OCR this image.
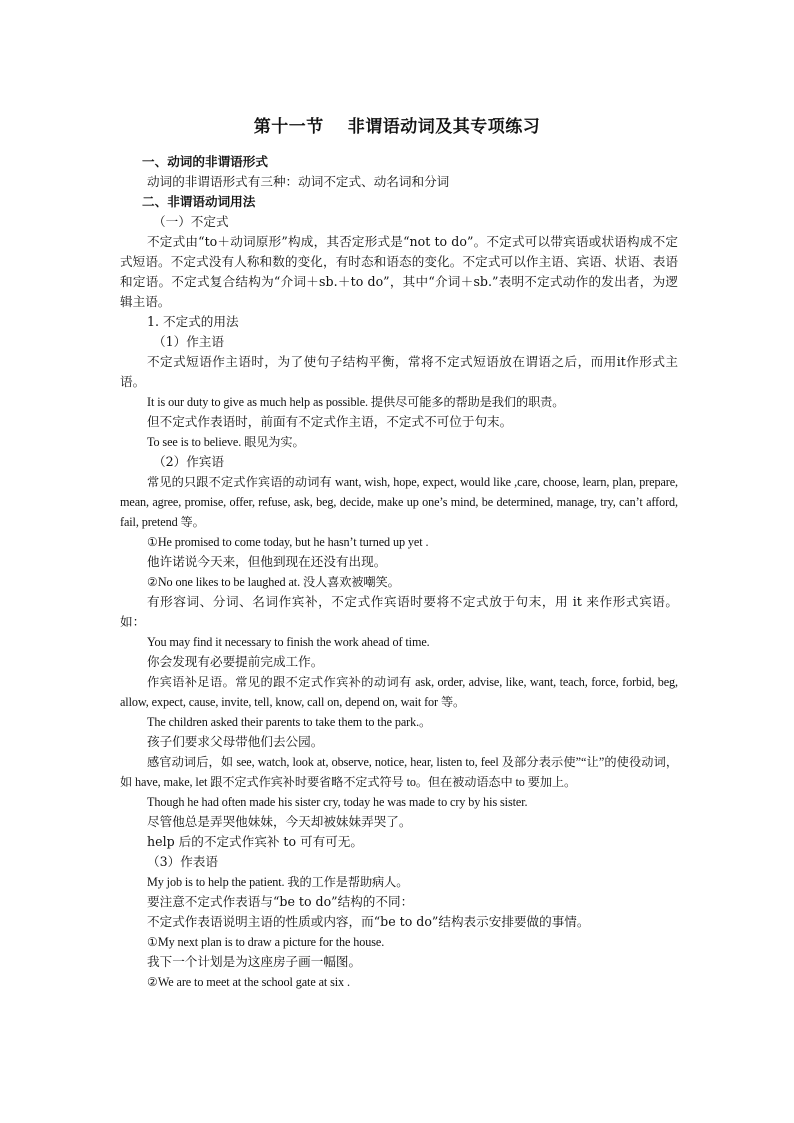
第十一节 非谓语动词及其专项练习
一、动词的非谓语形式
动词的非谓语形式有三种：动词不定式、动名词和分词
二、非谓语动词用法
（一）不定式
不定式由“to＋动词原形”构成，其否定形式是“not to do”。不定式可以带宾语或状语构成不定式短语。不定式没有人称和数的变化，有时态和语态的变化。不定式可以作主语、宾语、状语、表语和定语。不定式复合结构为“介词＋sb.＋to do”，其中“介词＋sb.”表明不定式动作的发出者，为逻辑主语。
1. 不定式的用法
（1）作主语
不定式短语作主语时，为了使句子结构平衡，常将不定式短语放在谓语之后，而用it作形式主语。
It is our duty to give as much help as possible. 提供尽可能多的帮助是我们的职责。
但不定式作表语时，前面有不定式作主语，不定式不可位于句末。
To see is to believe. 眼见为实。
（2）作宾语
常见的只跟不定式作宾语的动词有 want, wish, hope, expect, would like ,care, choose, learn, plan, prepare, mean, agree, promise, offer, refuse, ask, beg, decide, make up one’s mind, be determined, manage, try, can’t afford, fail, pretend 等。
①He promised to come today, but he hasn’t turned up yet .
他许诺说今天来，但他到现在还没有出现。
②No one likes to be laughed at. 没人喜欢被嘲笑。
有形容词、分词、名词作宾补，不定式作宾语时要将不定式放于句末，用 it 来作形式宾语。如：
You may find it necessary to finish the work ahead of time.
你会发现有必要提前完成工作。
作宾语补足语。常见的跟不定式作宾补的动词有 ask, order, advise, like, want, teach, force, forbid, beg, allow, expect, cause, invite, tell, know, call on, depend on, wait for 等。
The children asked their parents to take them to the park.。
孩子们要求父母带他们去公园。
感官动词后，如 see, watch, look at, observe, notice, hear, listen to, feel 及部分表示使”“让”的使役动词，如 have, make, let 跟不定式作宾补时要省略不定式符号 to。但在被动语态中 to 要加上。
Though he had often made his sister cry, today he was made to cry by his sister.
尽管他总是弄哭他妹妹，今天却被妹妹弄哭了。
help 后的不定式作宾补 to 可有可无。
（3）作表语
My job is to help the patient. 我的工作是帮助病人。
要注意不定式作表语与“be to do”结构的不同：
不定式作表语说明主语的性质或内容，而“be to do”结构表示安排要做的事情。
①My next plan is to draw a picture for the house.
我下一个计划是为这座房子画一幅图。
②We are to meet at the school gate at six .
